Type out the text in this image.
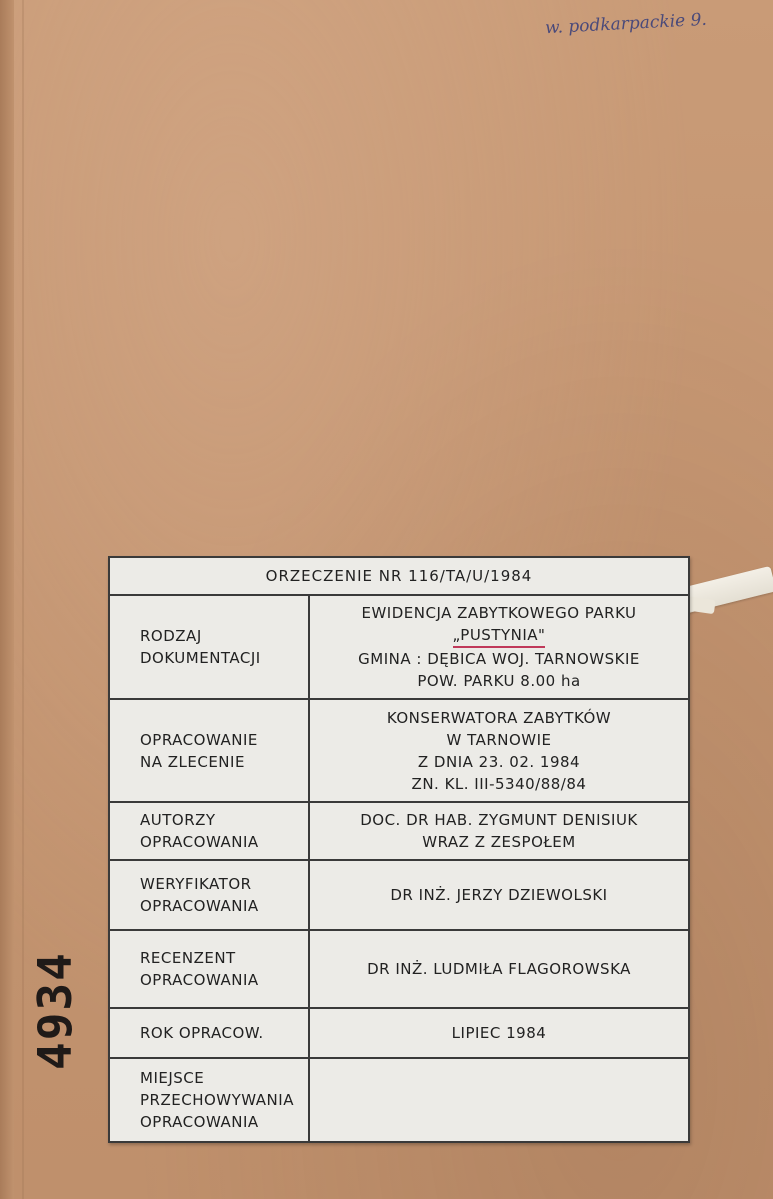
w. podkarpackie 9.
4934
ORZECZENIE NR 116/TA/U/1984
RODZAJ
DOKUMENTACJI
EWIDENCJA ZABYTKOWEGO PARKU
„PUSTYNIA"
GMINA : DĘBICA WOJ. TARNOWSKIE
POW. PARKU 8.00 ha
OPRACOWANIE
NA ZLECENIE
KONSERWATORA ZABYTKÓW
W TARNOWIE
Z DNIA 23. 02. 1984
ZN. KL. III-5340/88/84
AUTORZY
OPRACOWANIA
DOC. DR HAB. ZYGMUNT DENISIUK
WRAZ Z ZESPOŁEM
WERYFIKATOR
OPRACOWANIA
DR INŻ. JERZY DZIEWOLSKI
RECENZENT
OPRACOWANIA
DR INŻ. LUDMIŁA FLAGOROWSKA
ROK OPRACOW.	LIPIEC 1984
MIEJSCE
PRZECHOWYWANIA
OPRACOWANIA
